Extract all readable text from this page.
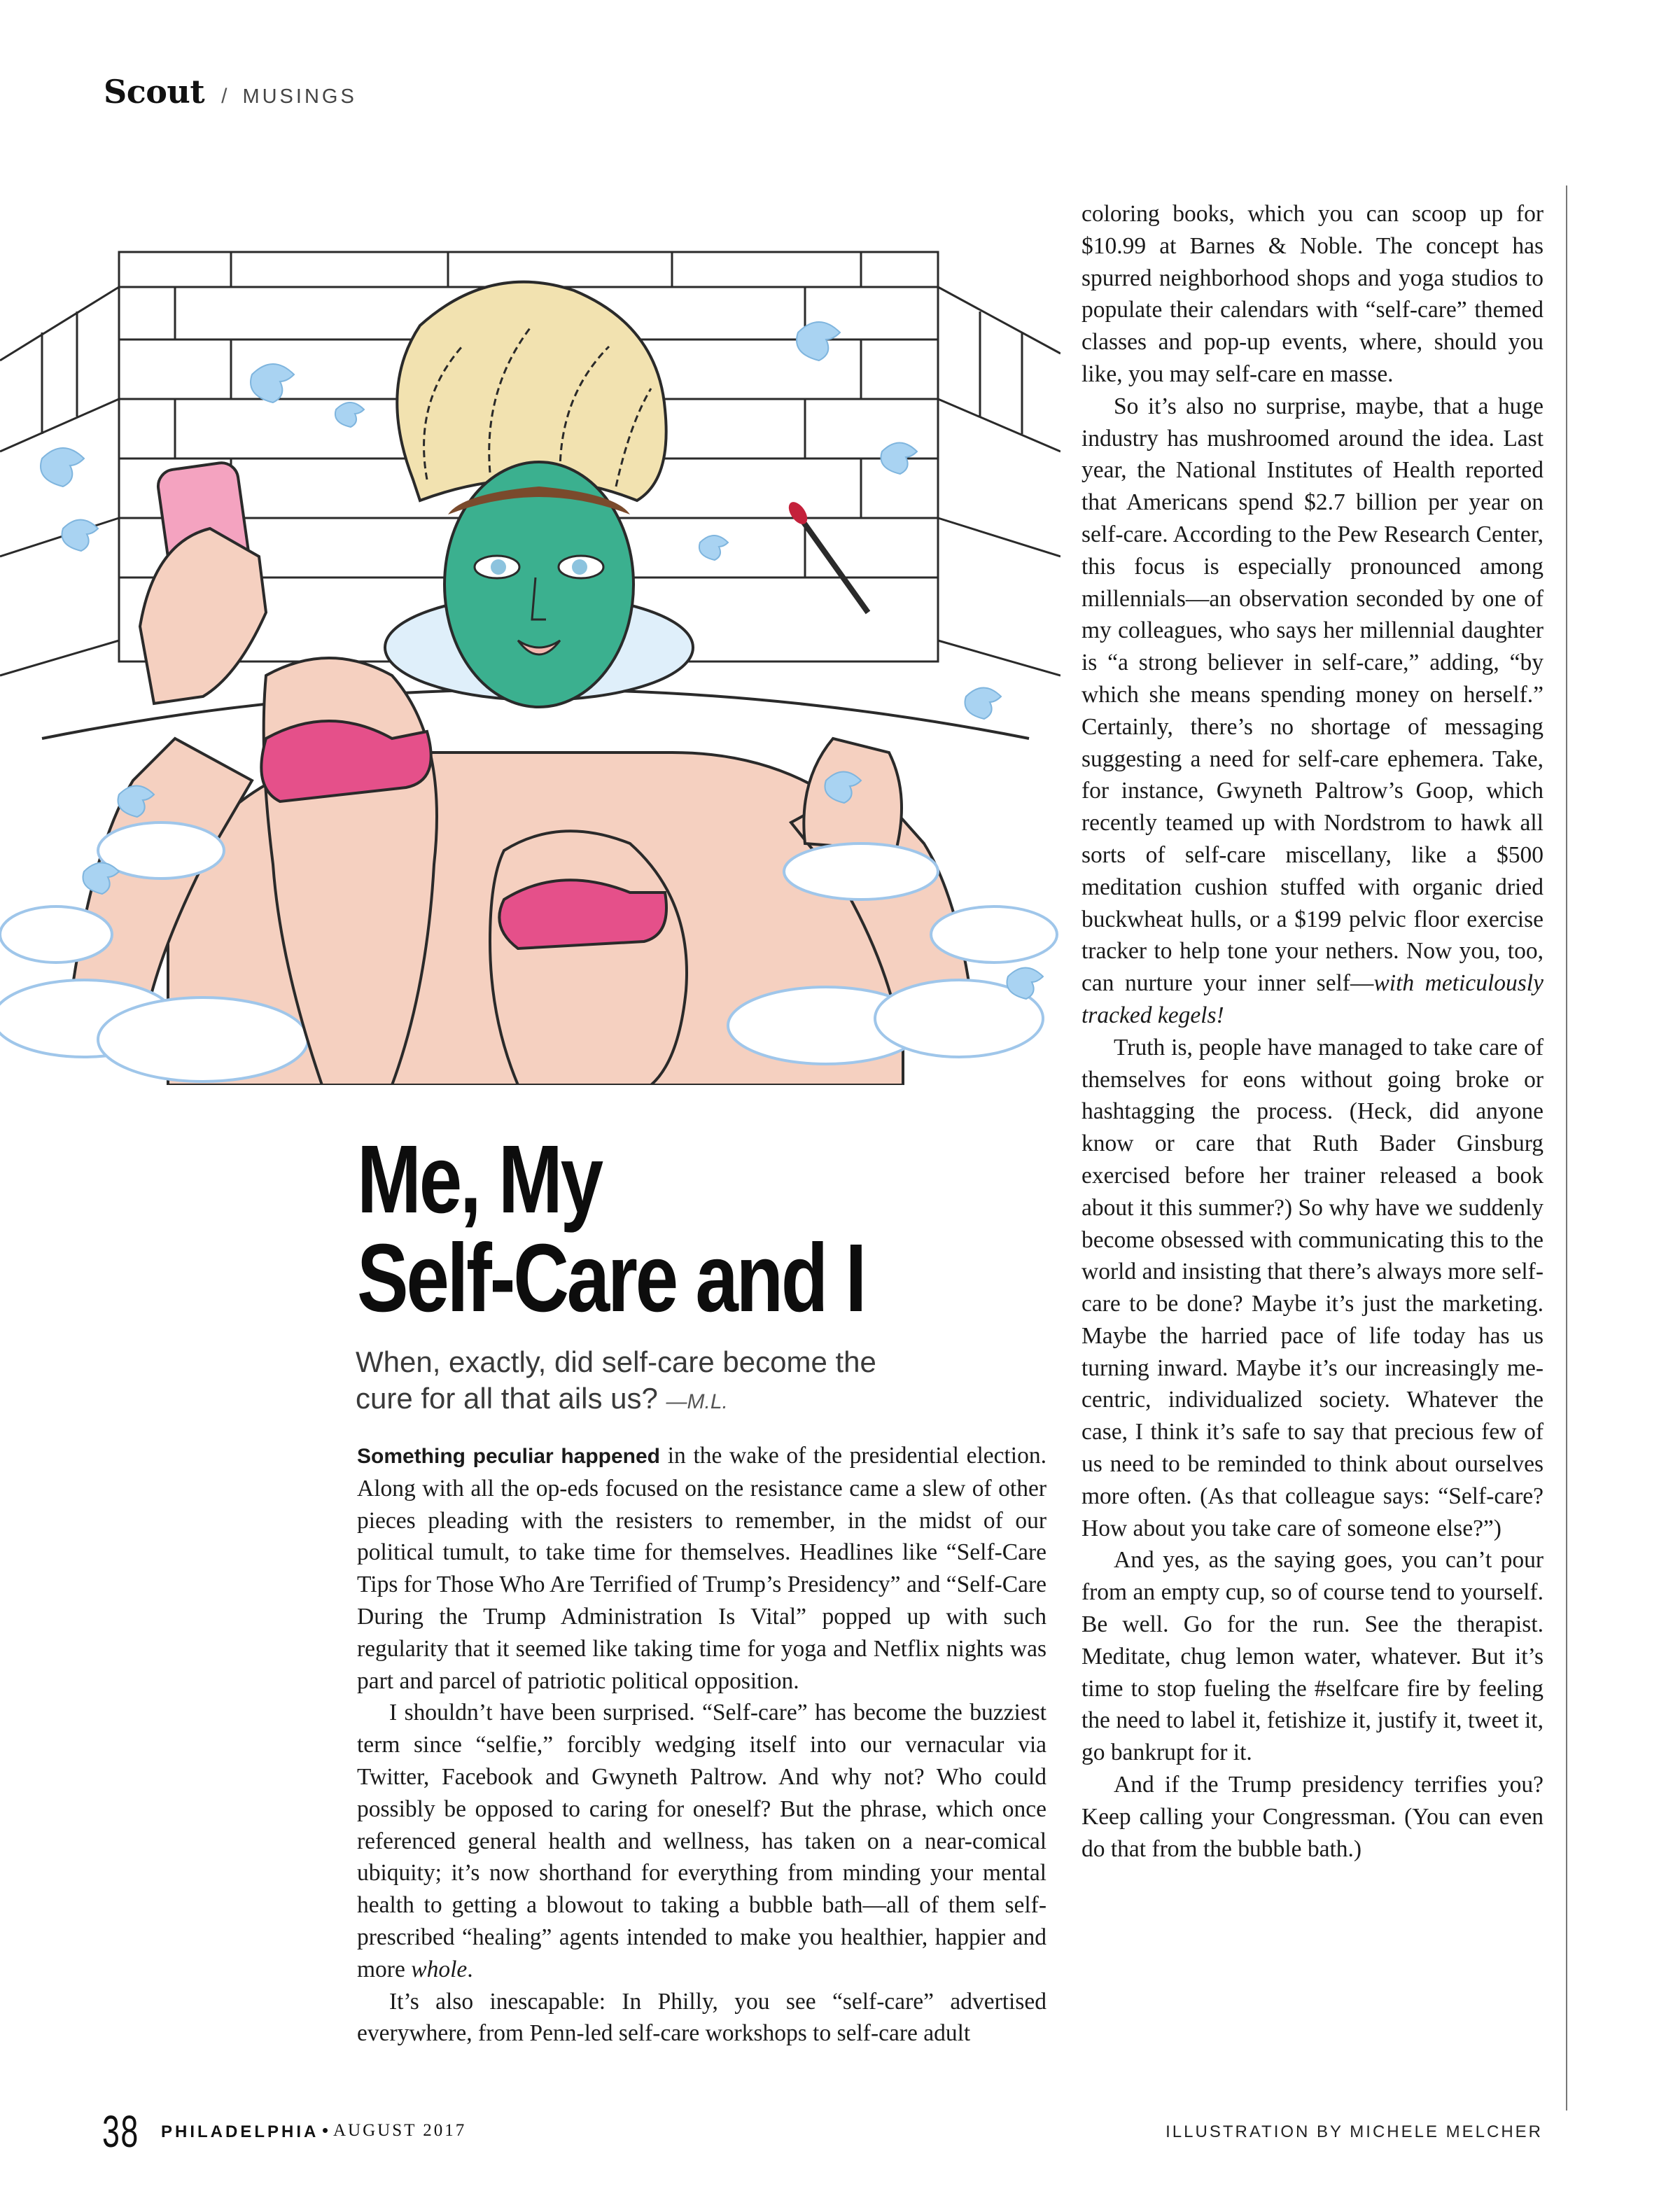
Scout / MUSINGS
Me, My
Self-Care and I
When, exactly, did self-care become the cure for all that ails us? —M.L.

Something peculiar happened in the wake of the presidential election. Along with all the op-eds focused on the resistance came a slew of other pieces pleading with the resisters to remember, in the midst of our political tumult, to take time for themselves. Headlines like “Self-Care Tips for Those Who Are Terrified of Trump’s Presidency” and “Self-Care During the Trump Administration Is Vital” popped up with such regularity that it seemed like taking time for yoga and Netflix nights was part and parcel of patriotic political opposition.

I shouldn’t have been surprised. “Self-care” has become the buzziest term since “selfie,” forcibly wedging itself into our vernacular via Twitter, Facebook and Gwyneth Paltrow. And why not? Who could possibly be opposed to caring for oneself? But the phrase, which once referenced general health and wellness, has taken on a near-comical ubiquity; it’s now shorthand for everything from minding your mental health to getting a blowout to taking a bubble bath—all of them self-prescribed “healing” agents intended to make you healthier, happier and more whole.

It’s also inescapable: In Philly, you see “self-care” advertised everywhere, from Penn-led self-care workshops to self-care adult

coloring books, which you can scoop up for $10.99 at Barnes & Noble. The concept has spurred neighborhood shops and yoga studios to populate their calendars with “self-care” themed classes and pop-up events, where, should you like, you may self-care en masse.

So it’s also no surprise, maybe, that a huge industry has mushroomed around the idea. Last year, the National Institutes of Health reported that Americans spend $2.7 billion per year on self-care. According to the Pew Research Center, this focus is especially pronounced among millennials—an observation seconded by one of my colleagues, who says her millennial daughter is “a strong believer in self-care,” adding, “by which she means spending money on herself.” Certainly, there’s no shortage of messaging suggesting a need for self-care ephemera. Take, for instance, Gwyneth Paltrow’s Goop, which recently teamed up with Nordstrom to hawk all sorts of self-care miscellany, like a $500 meditation cushion stuffed with organic dried buckwheat hulls, or a $199 pelvic floor exercise tracker to help tone your nethers. Now you, too, can nurture your inner self—with meticulously tracked kegels!

Truth is, people have managed to take care of themselves for eons without going broke or hashtagging the process. (Heck, did anyone know or care that Ruth Bader Ginsburg exercised before her trainer released a book about it this summer?) So why have we suddenly become obsessed with communicating this to the world and insisting that there’s always more self-care to be done? Maybe it’s just the marketing. Maybe the harried pace of life today has us turning inward. Maybe it’s our increasingly me-centric, individualized society. Whatever the case, I think it’s safe to say that precious few of us need to be reminded to think about ourselves more often. (As that colleague says: “Self-care? How about you take care of someone else?”)

And yes, as the saying goes, you can’t pour from an empty cup, so of course tend to yourself. Be well. Go for the run. See the therapist. Meditate, chug lemon water, whatever. But it’s time to stop fueling the #selfcare fire by feeling the need to label it, fetishize it, justify it, tweet it, go bankrupt for it.

And if the Trump presidency terrifies you? Keep calling your Congressman. (You can even do that from the bubble bath.)

38 PHILADELPHIA • AUGUST 2017	ILLUSTRATION BY MICHELE MELCHER
